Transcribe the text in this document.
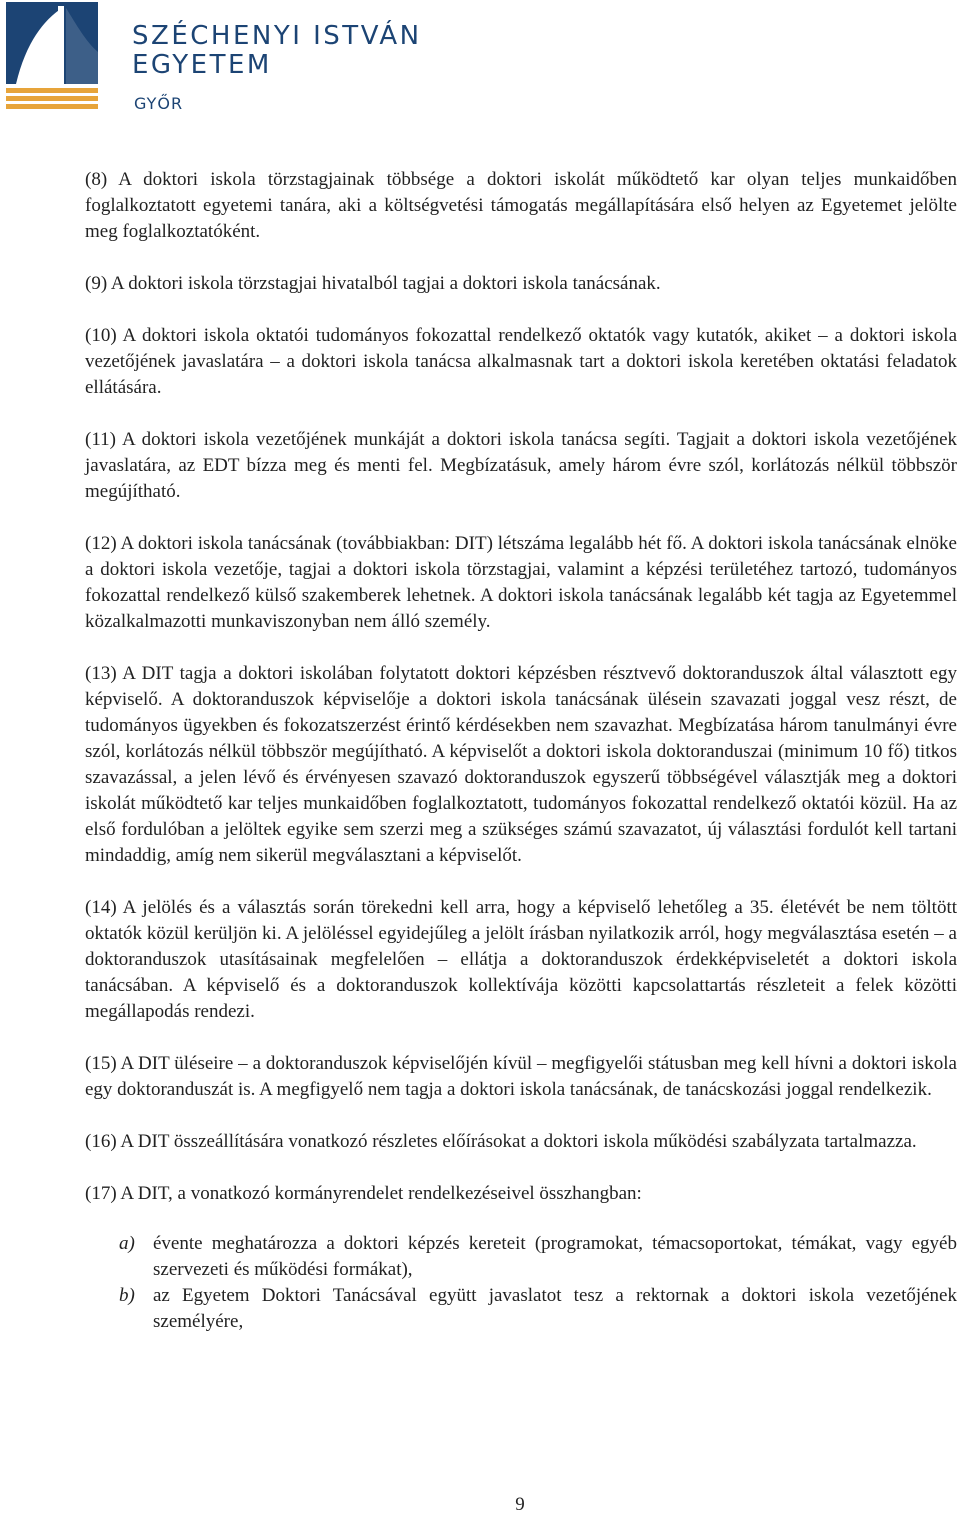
SZÉCHENYI ISTVÁN
EGYETEM
GYŐR

(8) A doktori iskola törzstagjainak többsége a doktori iskolát működtető kar olyan teljes munkaidőben foglalkoztatott egyetemi tanára, aki a költségvetési támogatás megállapítására első helyen az Egyetemet jelölte meg foglalkoztatóként.

(9) A doktori iskola törzstagjai hivatalból tagjai a doktori iskola tanácsának.

(10) A doktori iskola oktatói tudományos fokozattal rendelkező oktatók vagy kutatók, akiket – a doktori iskola vezetőjének javaslatára – a doktori iskola tanácsa alkalmasnak tart a doktori iskola keretében oktatási feladatok ellátására.

(11) A doktori iskola vezetőjének munkáját a doktori iskola tanácsa segíti. Tagjait a doktori iskola vezetőjének javaslatára, az EDT bízza meg és menti fel. Megbízatásuk, amely három évre szól, korlátozás nélkül többször megújítható.

(12) A doktori iskola tanácsának (továbbiakban: DIT) létszáma legalább hét fő. A doktori iskola tanácsának elnöke a doktori iskola vezetője, tagjai a doktori iskola törzstagjai, valamint a képzési területéhez tartozó, tudományos fokozattal rendelkező külső szakemberek lehetnek. A doktori iskola tanácsának legalább két tagja az Egyetemmel közalkalmazotti munkaviszonyban nem álló személy.

(13) A DIT tagja a doktori iskolában folytatott doktori képzésben résztvevő doktoranduszok által választott egy képviselő. A doktoranduszok képviselője a doktori iskola tanácsának ülésein szavazati joggal vesz részt, de tudományos ügyekben és fokozatszerzést érintő kérdésekben nem szavazhat. Megbízatása három tanulmányi évre szól, korlátozás nélkül többször megújítható. A képviselőt a doktori iskola doktoranduszai (minimum 10 fő) titkos szavazással, a jelen lévő és érvényesen szavazó doktoranduszok egyszerű többségével választják meg a doktori iskolát működtető kar teljes munkaidőben foglalkoztatott, tudományos fokozattal rendelkező oktatói közül. Ha az első fordulóban a jelöltek egyike sem szerzi meg a szükséges számú szavazatot, új választási fordulót kell tartani mindaddig, amíg nem sikerül megválasztani a képviselőt.

(14) A jelölés és a választás során törekedni kell arra, hogy a képviselő lehetőleg a 35. életévét be nem töltött oktatók közül kerüljön ki. A jelöléssel egyidejűleg a jelölt írásban nyilatkozik arról, hogy megválasztása esetén – a doktoranduszok utasításainak megfelelően – ellátja a doktoranduszok érdekképviseletét a doktori iskola tanácsában. A képviselő és a doktoranduszok kollektívája közötti kapcsolattartás részleteit a felek közötti megállapodás rendezi.

(15) A DIT üléseire – a doktoranduszok képviselőjén kívül – megfigyelői státusban meg kell hívni a doktori iskola egy doktoranduszát is. A megfigyelő nem tagja a doktori iskola tanácsának, de tanácskozási joggal rendelkezik.

(16) A DIT összeállítására vonatkozó részletes előírásokat a doktori iskola működési szabályzata tartalmazza.

(17) A DIT, a vonatkozó kormányrendelet rendelkezéseivel összhangban:

a) évente meghatározza a doktori képzés kereteit (programokat, témacsoportokat, témákat, vagy egyéb szervezeti és működési formákat),
b) az Egyetem Doktori Tanácsával együtt javaslatot tesz a rektornak a doktori iskola vezetőjének személyére,
9
